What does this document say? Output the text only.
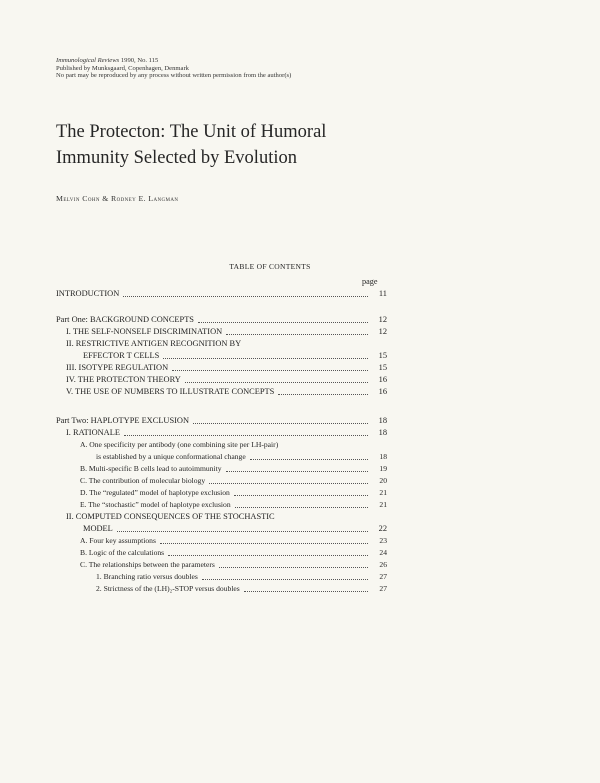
Immunological Reviews 1990, No. 115
Published by Munksgaard, Copenhagen, Denmark
No part may be reproduced by any process without written permission from the author(s)
The Protecton: The Unit of Humoral
Immunity Selected by Evolution
Melvin Cohn & Rodney E. Langman
TABLE OF CONTENTS
page
INTRODUCTION	11
Part One: BACKGROUND CONCEPTS	12
I. THE SELF-NONSELF DISCRIMINATION	12
II. RESTRICTIVE ANTIGEN RECOGNITION BY
EFFECTOR T CELLS	15
III. ISOTYPE REGULATION	15
IV. THE PROTECTON THEORY	16
V. THE USE OF NUMBERS TO ILLUSTRATE CONCEPTS	16
Part Two: HAPLOTYPE EXCLUSION	18
I. RATIONALE	18
A. One specificity per antibody (one combining site per LH-pair)
is established by a unique conformational change	18
B. Multi-specific B cells lead to autoimmunity	19
C. The contribution of molecular biology	20
D. The “regulated” model of haplotype exclusion	21
E. The “stochastic” model of haplotype exclusion	21
II. COMPUTED CONSEQUENCES OF THE STOCHASTIC
MODEL	22
A. Four key assumptions	23
B. Logic of the calculations	24
C. The relationships between the parameters	26
1. Branching ratio versus doubles	27
2. Strictness of the (LH)₂-STOP versus doubles	27
